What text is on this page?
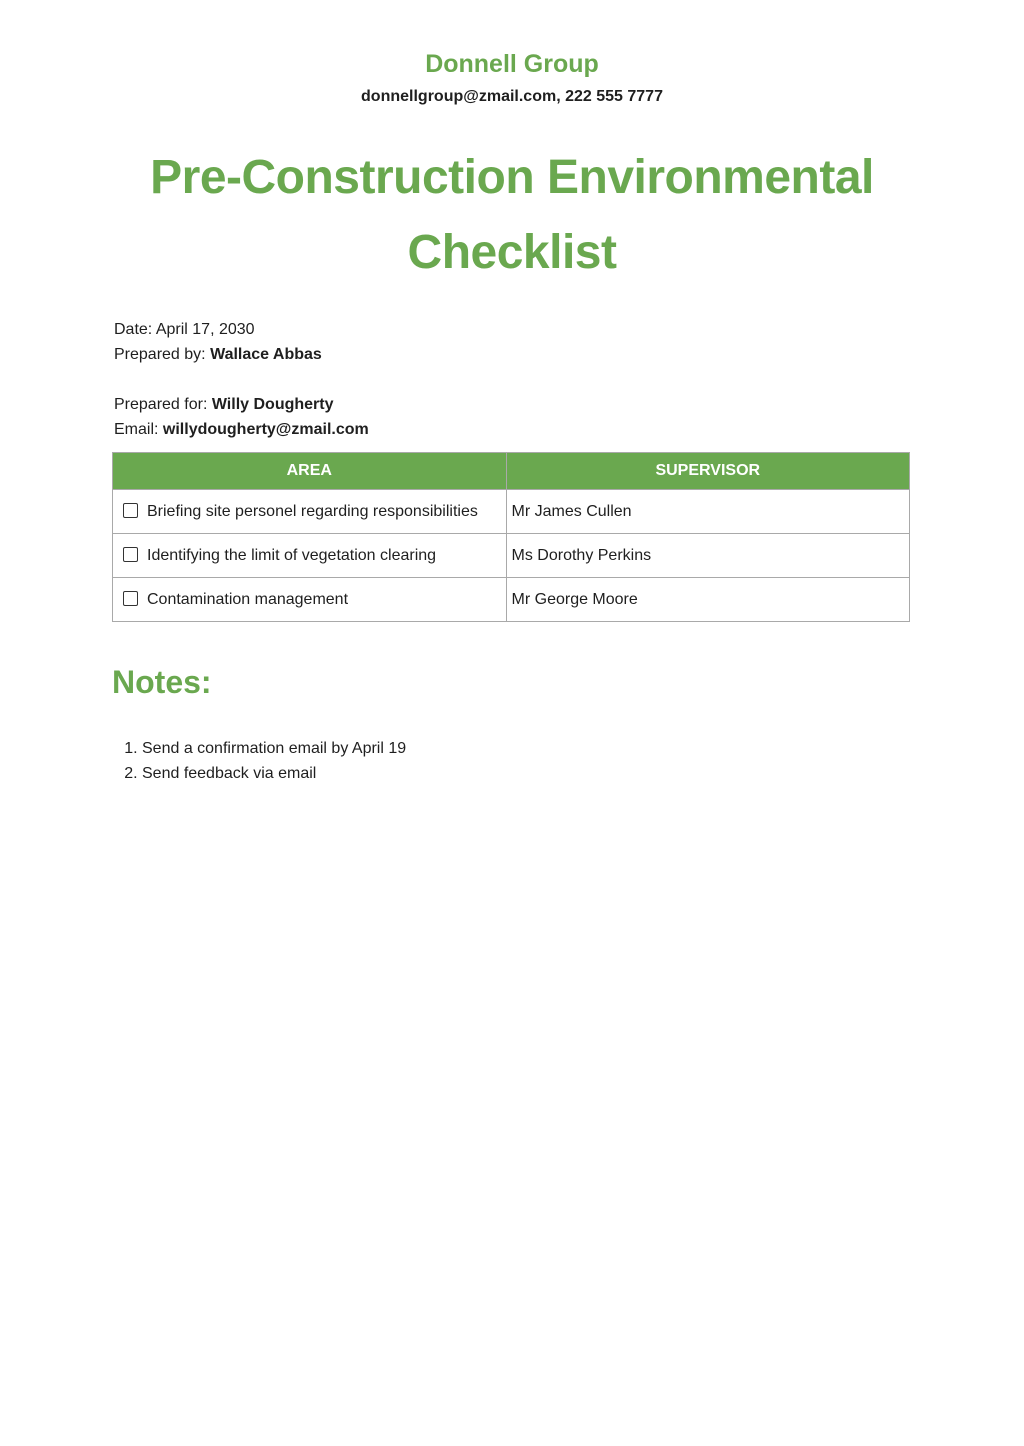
Donnell Group
donnellgroup@zmail.com, 222 555 7777
Pre-Construction Environmental Checklist
Date: April 17, 2030
Prepared by: Wallace Abbas
Prepared for: Willy Dougherty
Email: willydougherty@zmail.com
AREA	SUPERVISOR
Briefing site personel regarding responsibilities	Mr James Cullen
Identifying the limit of vegetation clearing	Ms Dorothy Perkins
Contamination management	Mr George Moore
Notes:
1. Send a confirmation email by April 19
2. Send feedback via email
